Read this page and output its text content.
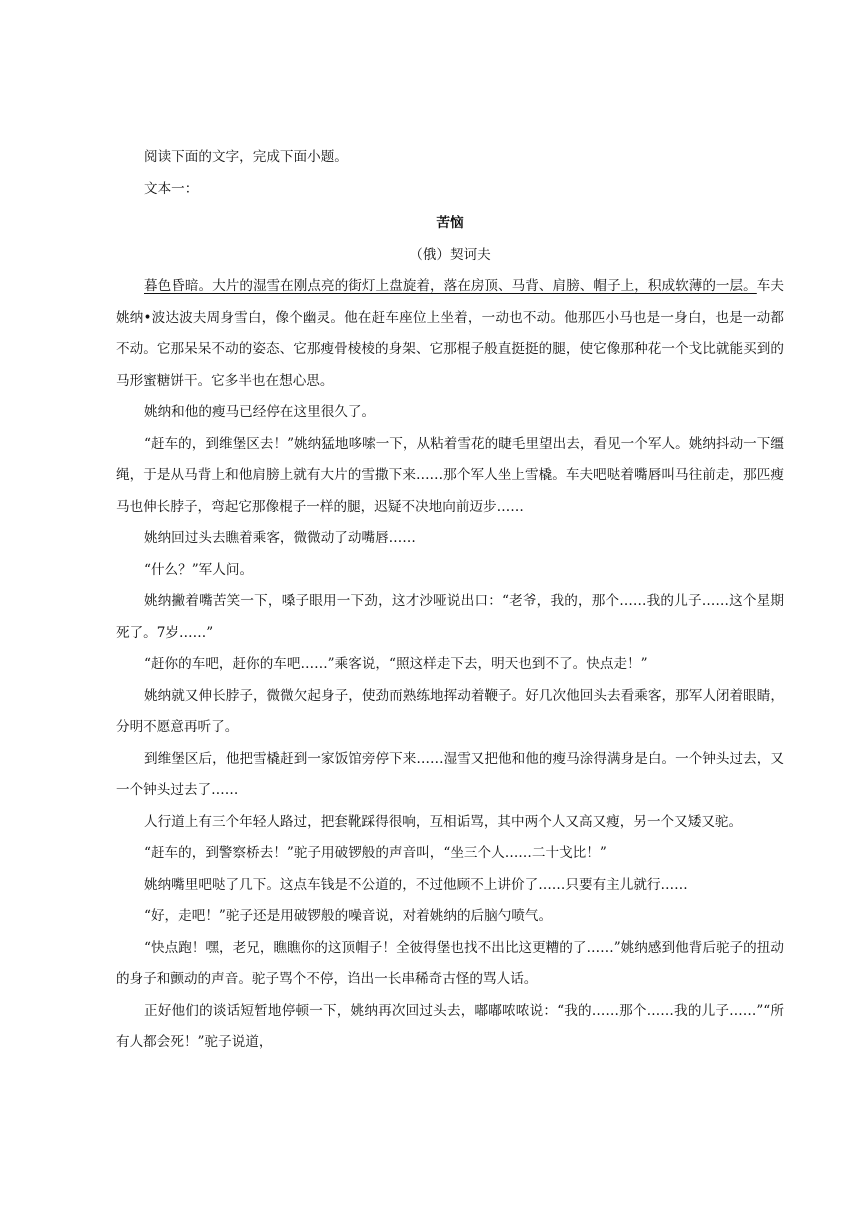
阅读下面的文字，完成下面小题。

文本一：

苦恼

（俄）契诃夫

暮色昏暗。大片的湿雪在刚点亮的街灯上盘旋着，落在房顶、马背、肩膀、帽子上，积成软薄的一层。车夫姚纳•波达波夫周身雪白，像个幽灵。他在赶车座位上坐着，一动也不动。他那匹小马也是一身白，也是一动都不动。它那呆呆不动的姿态、它那瘦骨棱棱的身架、它那棍子般直挺挺的腿，使它像那种花一个戈比就能买到的马形蜜糖饼干。它多半也在想心思。

姚纳和他的瘦马已经停在这里很久了。

“赶车的，到维堡区去！”姚纳猛地哆嗦一下，从粘着雪花的睫毛里望出去，看见一个军人。姚纳抖动一下缰绳，于是从马背上和他肩膀上就有大片的雪撒下来……那个军人坐上雪橇。车夫吧哒着嘴唇叫马往前走，那匹瘦马也伸长脖子，弯起它那像棍子一样的腿，迟疑不决地向前迈步……

姚纳回过头去瞧着乘客，微微动了动嘴唇……

“什么？”军人问。

姚纳撇着嘴苦笑一下，嗓子眼用一下劲，这才沙哑说出口：“老爷，我的，那个……我的儿子……这个星期死了。7岁……”

“赶你的车吧，赶你的车吧……”乘客说，“照这样走下去，明天也到不了。快点走！”

姚纳就又伸长脖子，微微欠起身子，使劲而熟练地挥动着鞭子。好几次他回头去看乘客，那军人闭着眼睛，分明不愿意再听了。

到维堡区后，他把雪橇赶到一家饭馆旁停下来……湿雪又把他和他的瘦马涂得满身是白。一个钟头过去，又一个钟头过去了……

人行道上有三个年轻人路过，把套靴踩得很响，互相诟骂，其中两个人又高又瘦，另一个又矮又驼。

“赶车的，到警察桥去！”驼子用破锣般的声音叫，“坐三个人……二十戈比！”

姚纳嘴里吧哒了几下。这点车钱是不公道的，不过他顾不上讲价了……只要有主儿就行……

“好，走吧！”驼子还是用破锣般的噪音说，对着姚纳的后脑勺喷气。

“快点跑！嘿，老兄，瞧瞧你的这顶帽子！全彼得堡也找不出比这更糟的了……”姚纳感到他背后驼子的扭动的身子和颤动的声音。驼子骂个不停，诌出一长串稀奇古怪的骂人话。

正好他们的谈话短暂地停顿一下，姚纳再次回过头去，嘟嘟哝哝说：“我的……那个……我的儿子……”“所有人都会死！”驼子说道，
